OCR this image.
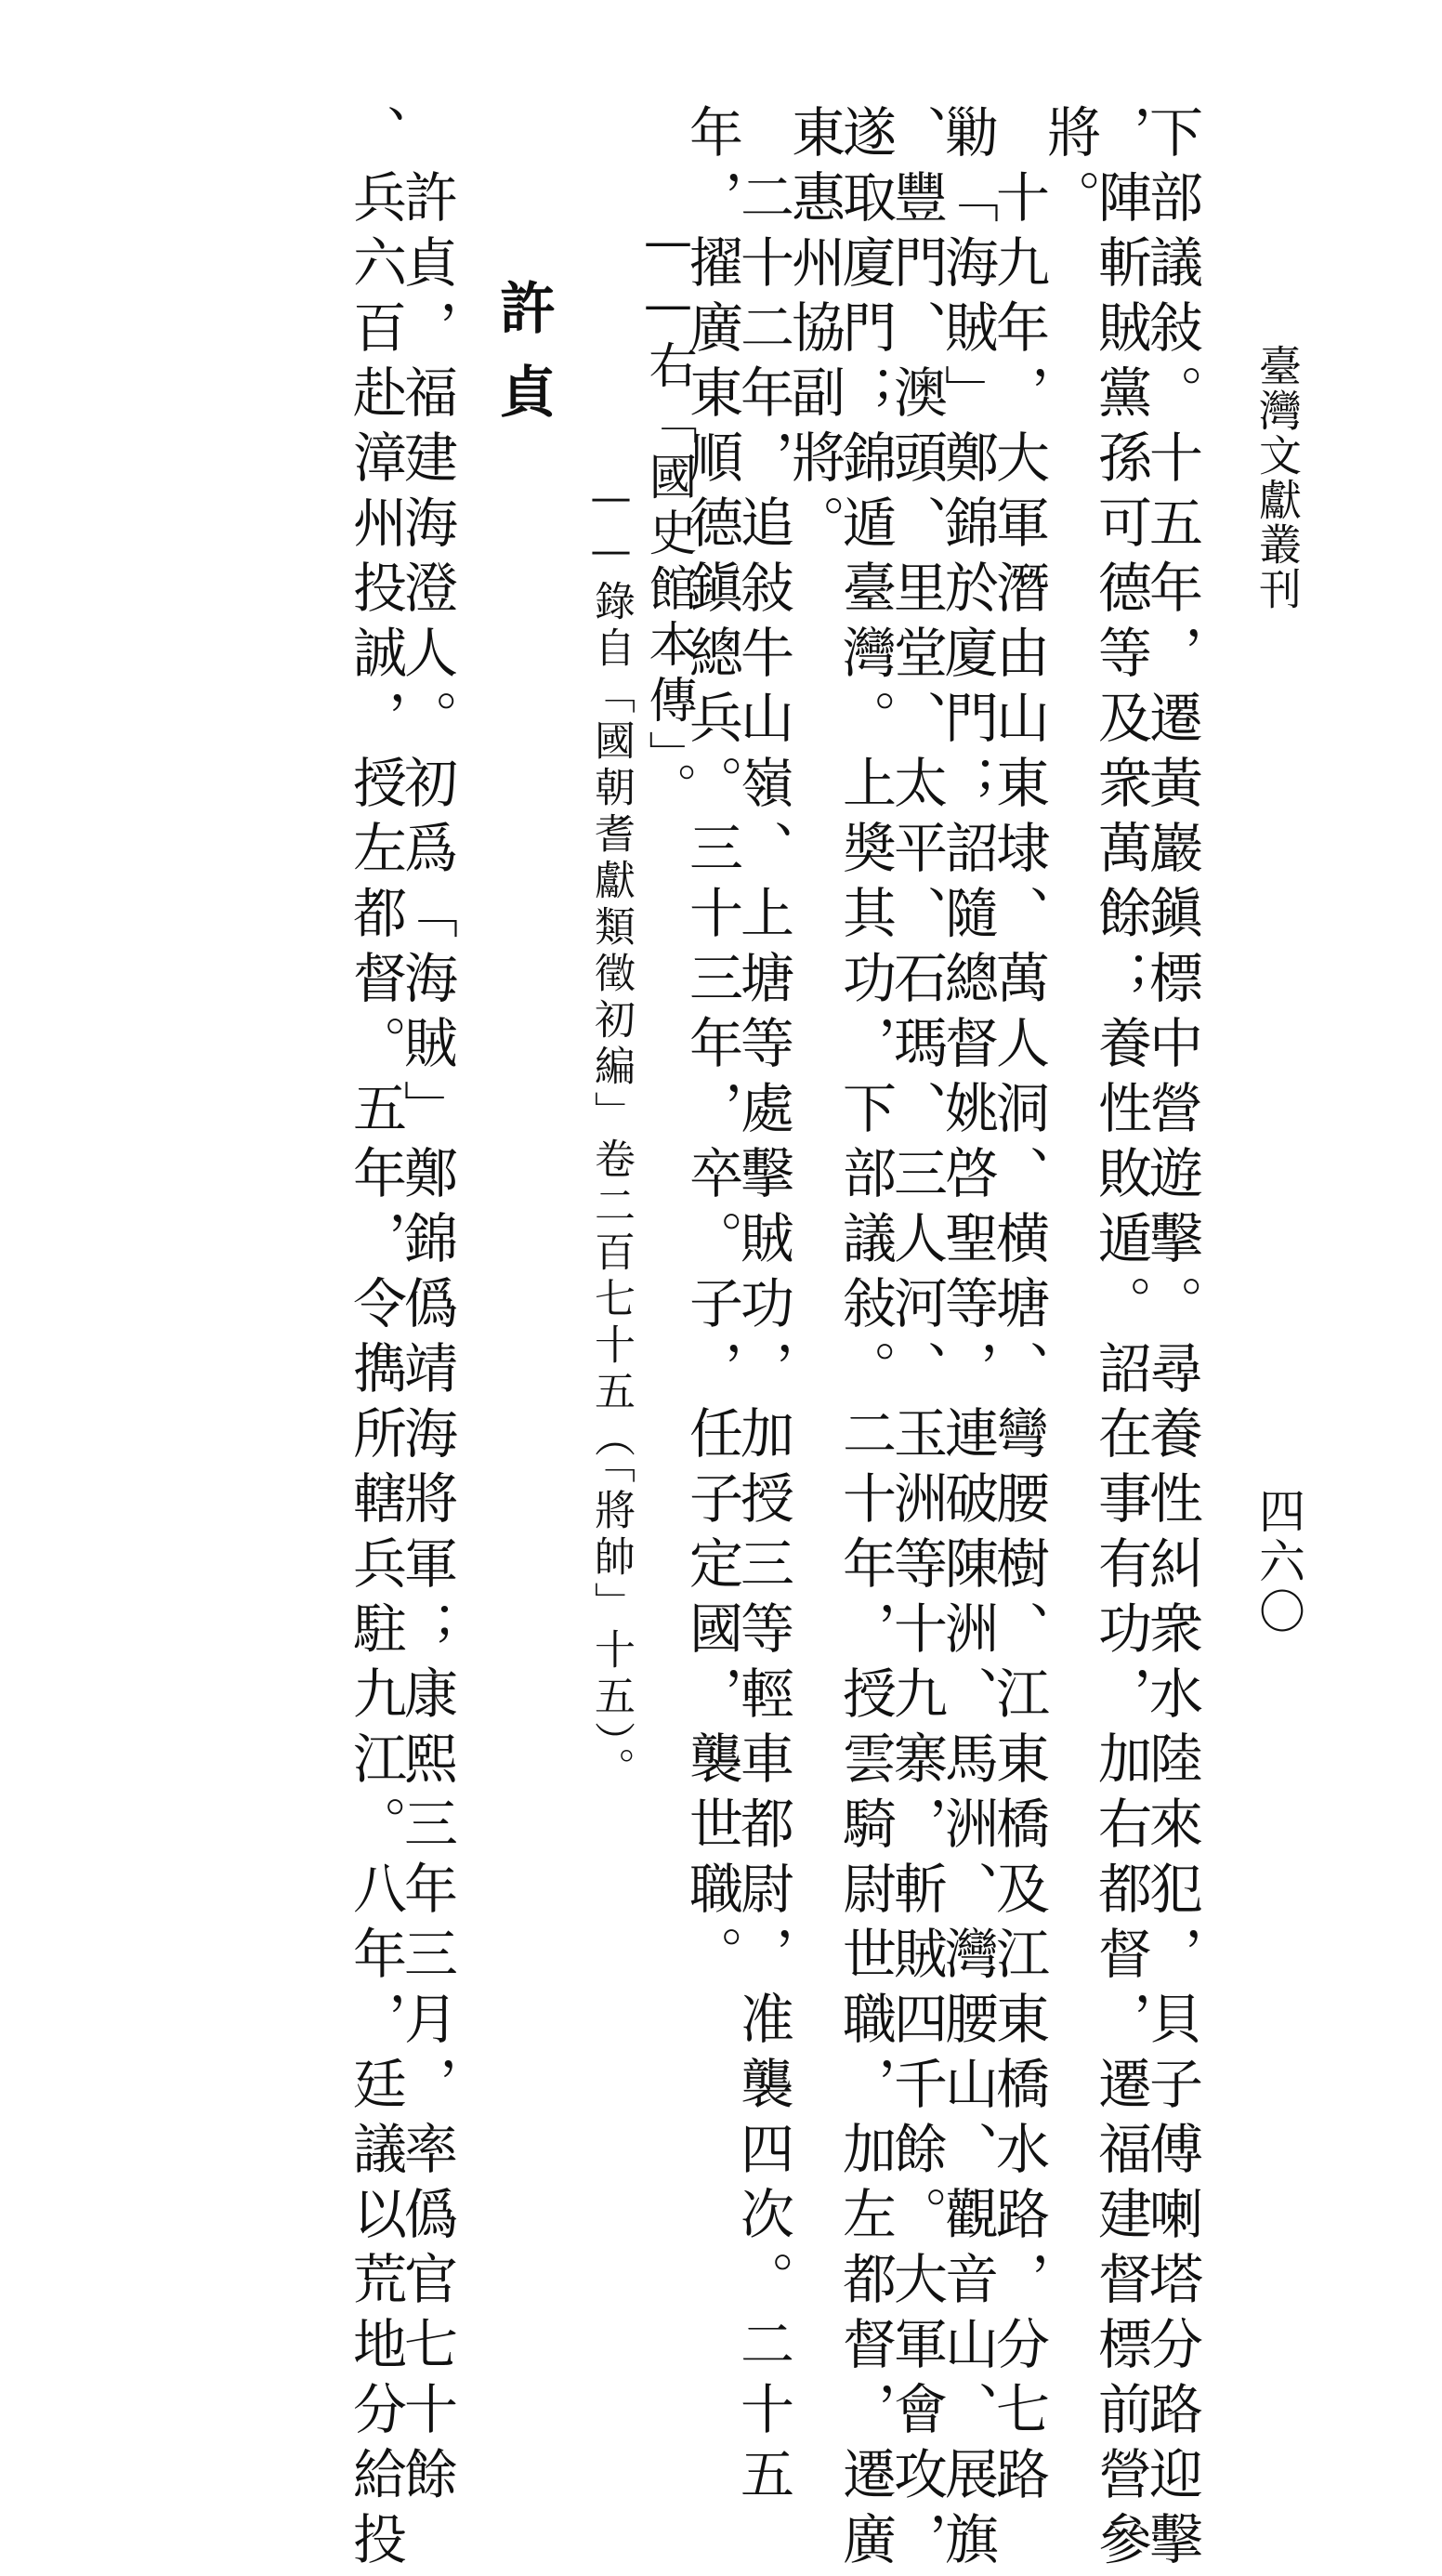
臺灣文獻叢刊
四六〇
下部議敍。十五年，遷黃巖鎭標中營遊擊。尋養性糾衆水陸來犯，貝子傅喇塔分路迎擊
，陣斬賊黨孫可德等及衆萬餘；養性敗遁。詔在事有功，加右都督，遷福建督標前營參
將。
　十九年，大軍潛由山東埭、萬人洞、横塘、彎腰樹、江東橋及江東橋水路，分七路
勦「海賊」鄭錦於廈門；詔隨總督姚啓聖等，連破陳洲、馬洲、灣腰山、觀音山、展旗
、豐門、澳頭、里堂、太平、石瑪、三人河、玉洲等十九寨，斬賊四千餘。大軍會攻，
遂取廈門；錦遁臺灣。上奬其功，下部議敍。二十年，授雲騎尉世職，加左都督，遷廣
東惠州協副將。
　二十二年，追敍牛山嶺、上塘等處擊賊功，加授三等輕車都尉，准襲四次。二十五
年，擢廣東順德鎭總兵。三十三年，卒。子，任子定國，襲世職。
——右「國史館本傳」。
——錄自「國朝耆獻類徵初編」卷二百七十五（「將帥」十五）。
許貞
　許貞，福建海澄人。初爲「海賊」鄭錦僞靖海將軍；康熙三年三月，率僞官七十餘
、兵六百赴漳州投誠，授左都督。五年，令擕所轄兵駐九江。八年，廷議以荒地分給投
